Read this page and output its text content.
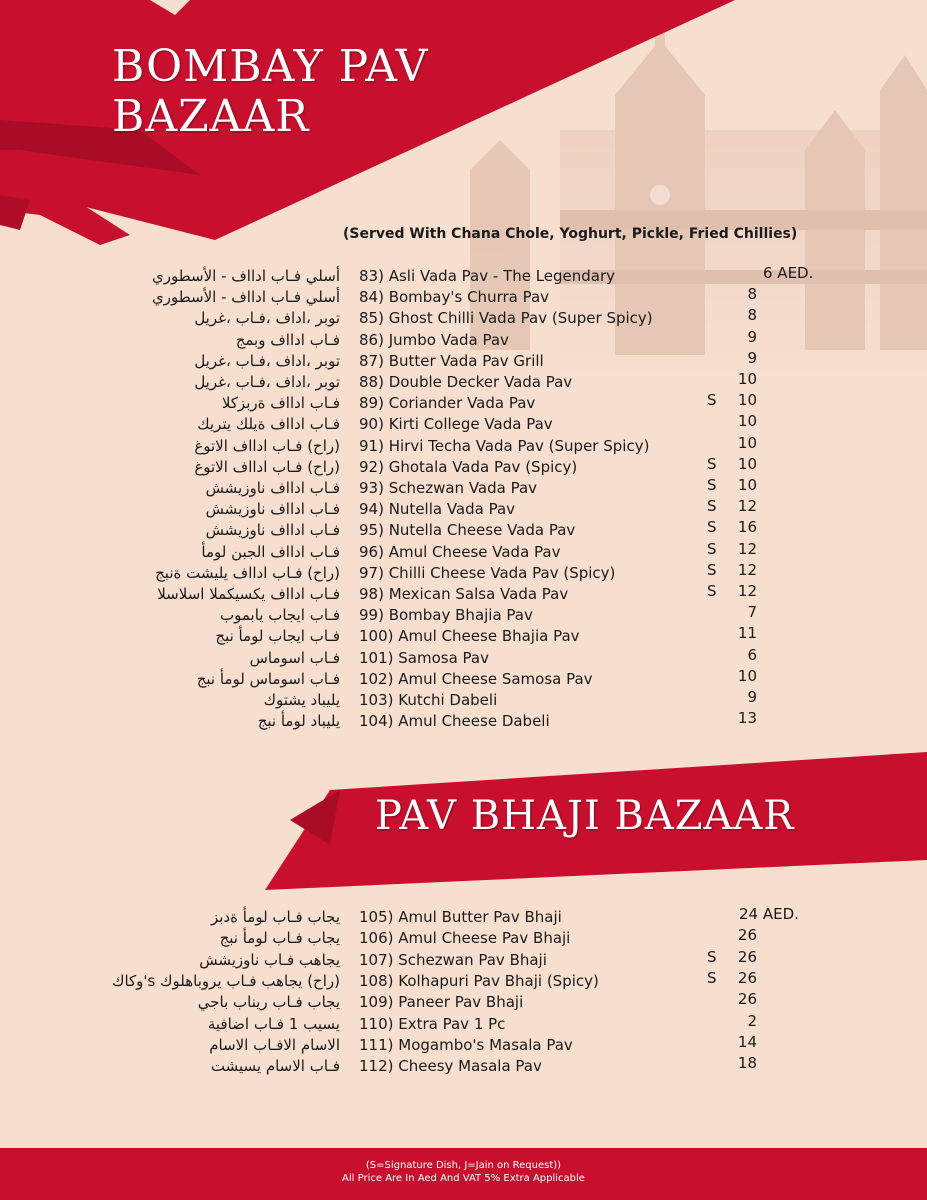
BOMBAY PAV
BAZAAR
(Served With Chana Chole, Yoghurt, Pickle, Fried Chillies)
أسلي فـاب ادااف - الأسطوري 83) Asli Vada Pav - The Legendary	6 AED.
أسلي فـاب ادااف - الأسطوري 84) Bombay's Churra Pav	8
توبر ،اداف ،فـاب ،غريل 85) Ghost Chilli Vada Pav (Super Spicy)	8
فـاب ادااف وبمج 86) Jumbo Vada Pav	9
توبر ،اداف ،فـاب ،غريل 87) Butter Vada Pav Grill	9
توبر ،اداف ،فـاب ،غريل 88) Double Decker Vada Pav	10
فـاب ادااف ةربزكلا 89) Coriander Vada Pav	S 10
فـاب ادااف ةيلك يتريك 90) Kirti College Vada Pav	10
(راح) فـاب ادااف الاتوغ 91) Hirvi Techa Vada Pav (Super Spicy)	10
(راح) فـاب ادااف الاتوغ 92) Ghotala Vada Pav (Spicy)	S 10
فـاب ادااف ناوزيشش 93) Schezwan Vada Pav	S 10
فـاب ادااف ناوزيشش 94) Nutella Vada Pav	S 12
فـاب ادااف ناوزيشش 95) Nutella Cheese Vada Pav	S 16
فـاب ادااف الجبن لومأ 96) Amul Cheese Vada Pav	S 12
(راح) فـاب ادااف يليشت ةنبج 97) Chilli Cheese Vada Pav (Spicy)	S 12
فـاب ادااف يكسيكملا اسلاسلا 98) Mexican Salsa Vada Pav	S 12
فـاب ايجاب يابموب 99) Bombay Bhajia Pav	7
فـاب ايجاب لومأ نبج 100) Amul Cheese Bhajia Pav	11
فـاب اسوماس 101) Samosa Pav	6
فـاب اسوماس لومأ نبج 102) Amul Cheese Samosa Pav	10
يليباد يشتوك 103) Kutchi Dabeli	9
يليباد لومأ نبج 104) Amul Cheese Dabeli	13
PAV BHAJI BAZAAR
يجاب فـاب لومأ ةدبز 105) Amul Butter Pav Bhaji	24 AED.
يجاب فـاب لومأ نبج 106) Amul Cheese Pav Bhaji	26
يجاهب فـاب ناوزيشش 107) Schezwan Pav Bhaji	S 26
(راح) يجاهب فـاب يروباهلوك s'وكاك 108) Kolhapuri Pav Bhaji (Spicy)	S 26
يجاب فـاب ريناب باجي 109) Paneer Pav Bhaji	26
يسيب 1 فـاب اضافية 110) Extra Pav 1 Pc	2
الاسام الافـاب الاسام 111) Mogambo's Masala Pav	14
فـاب الاسام يسيشت 112) Cheesy Masala Pav	18
(S=Signature Dish, J=Jain on Request))
All Price Are In Aed And VAT 5% Extra Applicable
